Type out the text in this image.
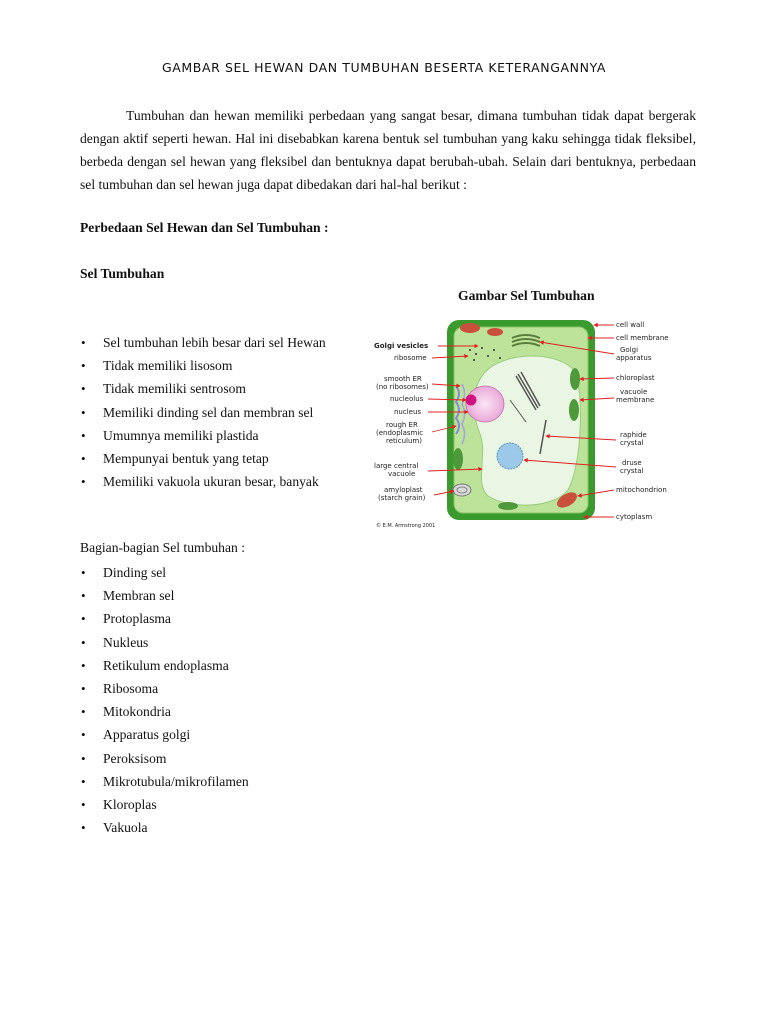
GAMBAR SEL HEWAN DAN TUMBUHAN BESERTA KETERANGANNYA

Tumbuhan dan hewan memiliki perbedaan yang sangat besar, dimana tumbuhan tidak dapat bergerak dengan aktif seperti hewan. Hal ini disebabkan karena bentuk sel tumbuhan yang kaku sehingga tidak fleksibel, berbeda dengan sel hewan yang fleksibel dan bentuknya dapat berubah-ubah. Selain dari bentuknya, perbedaan sel tumbuhan dan sel hewan juga dapat dibedakan dari hal-hal berikut :

Perbedaan Sel Hewan dan Sel Tumbuhan :
Sel Tumbuhan
Gambar Sel Tumbuhan
• Sel tumbuhan lebih besar dari sel Hewan
• Tidak memiliki lisosom
• Tidak memiliki sentrosom
• Memiliki dinding sel dan membran sel
• Umumnya memiliki plastida
• Mempunyai bentuk yang tetap
• Memiliki vakuola ukuran besar, banyak
Golgi vesicles
ribosome
smooth ER
(no ribosomes)
nucleolus
nucleus
rough ER
(endoplasmic
reticulum)
large central
vacuole
amyloplast
(starch grain)
cell wall
cell membrane
Golgi
apparatus
chloroplast
vacuole
membrane
raphide
crystal
druse
crystal
mitochondrion
cytoplasm
© E.M. Armstrong 2001
Bagian-bagian Sel tumbuhan :
• Dinding sel
• Membran sel
• Protoplasma
• Nukleus
• Retikulum endoplasma
• Ribosoma
• Mitokondria
• Apparatus golgi
• Peroksisom
• Mikrotubula/mikrofilamen
• Kloroplas
• Vakuola
